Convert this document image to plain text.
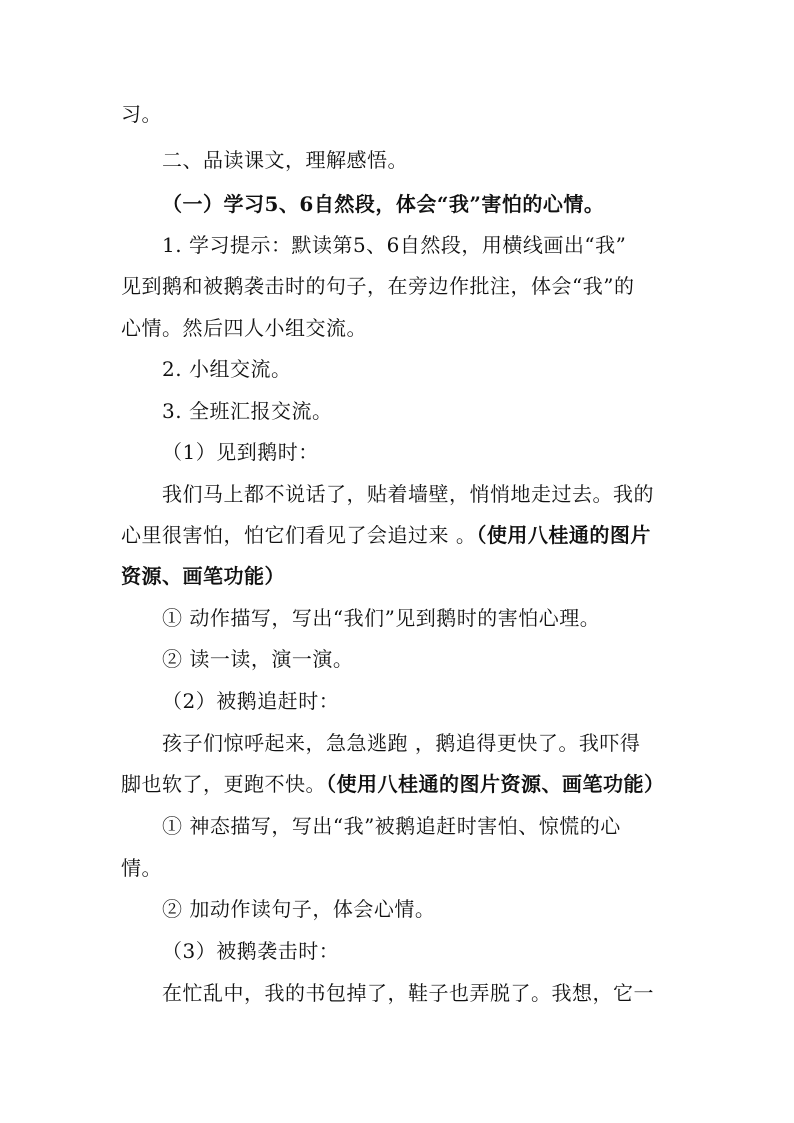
习。
二、品读课文，理解感悟。
（一）学习5、6自然段，体会“我”害怕的心情。
1. 学习提示：默读第5、6自然段，用横线画出“我”
见到鹅和被鹅袭击时的句子，在旁边作批注，体会“我”的
心情。然后四人小组交流。
2. 小组交流。
3. 全班汇报交流。
（1）见到鹅时：
我们马上都不说话了，贴着墙壁，悄悄地走过去。我的
心里很害怕，怕它们看见了会追过来 。（使用八桂通的图片
资源、画笔功能）
① 动作描写，写出“我们”见到鹅时的害怕心理。
② 读一读，演一演。
（2）被鹅追赶时：
孩子们惊呼起来，急急逃跑 ，鹅追得更快了。我吓得
脚也软了，更跑不快。（使用八桂通的图片资源、画笔功能）
① 神态描写，写出“我”被鹅追赶时害怕、惊慌的心
情。
② 加动作读句子，体会心情。
（3）被鹅袭击时：
在忙乱中，我的书包掉了，鞋子也弄脱了。我想，它一
